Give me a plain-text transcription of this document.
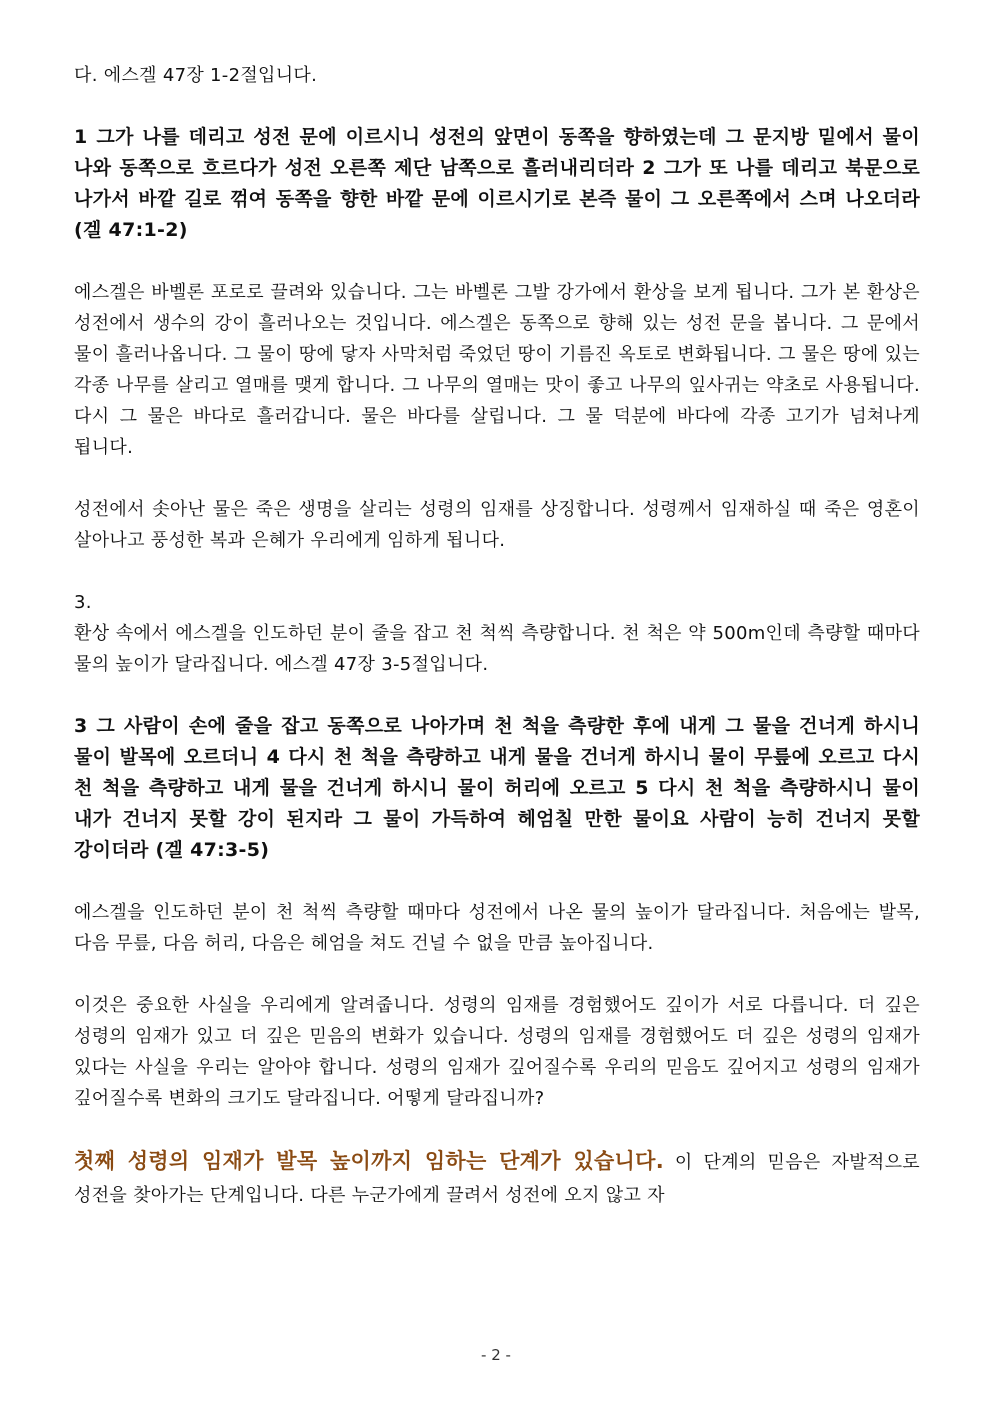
다. 에스겔 47장 1-2절입니다.

1 그가 나를 데리고 성전 문에 이르시니 성전의 앞면이 동쪽을 향하였는데 그 문지방 밑에서 물이 나와 동쪽으로 흐르다가 성전 오른쪽 제단 남쪽으로 흘러내리더라 2 그가 또 나를 데리고 북문으로 나가서 바깥 길로 꺾여 동쪽을 향한 바깥 문에 이르시기로 본즉 물이 그 오른쪽에서 스며 나오더라(겔 47:1-2)

에스겔은 바벨론 포로로 끌려와 있습니다. 그는 바벨론 그발 강가에서 환상을 보게 됩니다. 그가 본 환상은 성전에서 생수의 강이 흘러나오는 것입니다. 에스겔은 동쪽으로 향해 있는 성전 문을 봅니다. 그 문에서 물이 흘러나옵니다. 그 물이 땅에 닿자 사막처럼 죽었던 땅이 기름진 옥토로 변화됩니다. 그 물은 땅에 있는 각종 나무를 살리고 열매를 맺게 합니다. 그 나무의 열매는 맛이 좋고 나무의 잎사귀는 약초로 사용됩니다. 다시 그 물은 바다로 흘러갑니다. 물은 바다를 살립니다. 그 물 덕분에 바다에 각종 고기가 넘쳐나게 됩니다.

성전에서 솟아난 물은 죽은 생명을 살리는 성령의 임재를 상징합니다. 성령께서 임재하실 때 죽은 영혼이 살아나고 풍성한 복과 은혜가 우리에게 임하게 됩니다.

3.

환상 속에서 에스겔을 인도하던 분이 줄을 잡고 천 척씩 측량합니다. 천 척은 약 500m인데 측량할 때마다 물의 높이가 달라집니다. 에스겔 47장 3-5절입니다.

3 그 사람이 손에 줄을 잡고 동쪽으로 나아가며 천 척을 측량한 후에 내게 그 물을 건너게 하시니 물이 발목에 오르더니 4 다시 천 척을 측량하고 내게 물을 건너게 하시니 물이 무릎에 오르고 다시 천 척을 측량하고 내게 물을 건너게 하시니 물이 허리에 오르고 5 다시 천 척을 측량하시니 물이 내가 건너지 못할 강이 된지라 그 물이 가득하여 헤엄칠 만한 물이요 사람이 능히 건너지 못할 강이더라 (겔 47:3-5)

에스겔을 인도하던 분이 천 척씩 측량할 때마다 성전에서 나온 물의 높이가 달라집니다. 처음에는 발목, 다음 무릎, 다음 허리, 다음은 헤엄을 쳐도 건널 수 없을 만큼 높아집니다.

이것은 중요한 사실을 우리에게 알려줍니다. 성령의 임재를 경험했어도 깊이가 서로 다릅니다. 더 깊은 성령의 임재가 있고 더 깊은 믿음의 변화가 있습니다. 성령의 임재를 경험했어도 더 깊은 성령의 임재가 있다는 사실을 우리는 알아야 합니다. 성령의 임재가 깊어질수록 우리의 믿음도 깊어지고 성령의 임재가 깊어질수록 변화의 크기도 달라집니다. 어떻게 달라집니까?

첫째 성령의 임재가 발목 높이까지 임하는 단계가 있습니다. 이 단계의 믿음은 자발적으로 성전을 찾아가는 단계입니다. 다른 누군가에게 끌려서 성전에 오지 않고 자

- 2 -
